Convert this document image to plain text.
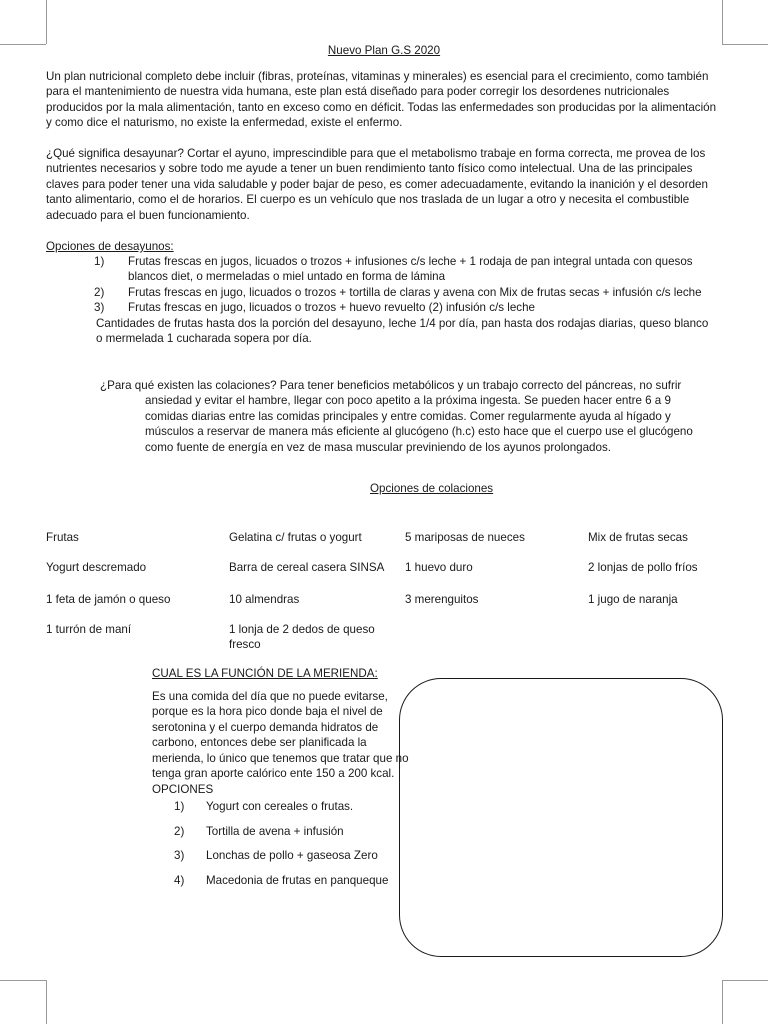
Nuevo Plan G.S 2020

Un plan nutricional completo debe incluir (fibras, proteínas, vitaminas y minerales) es esencial para el crecimiento, como también para el mantenimiento de nuestra vida humana, este plan está diseñado para poder corregir los desordenes nutricionales producidos por la mala alimentación, tanto en exceso como en déficit. Todas las enfermedades son producidas por la alimentación y como dice el naturismo, no existe la enfermedad, existe el enfermo.

¿Qué significa desayunar? Cortar el ayuno, imprescindible para que el metabolismo trabaje en forma correcta, me provea de los nutrientes necesarios y sobre todo me ayude a tener un buen rendimiento tanto físico como intelectual. Una de las principales claves para poder tener una vida saludable y poder bajar de peso, es comer adecuadamente, evitando la inanición y el desorden tanto alimentario, como el de horarios. El cuerpo es un vehículo que nos traslada de un lugar a otro y necesita el combustible adecuado para el buen funcionamiento.

Opciones de desayunos:

1) Frutas frescas en jugos, licuados o trozos + infusiones c/s leche + 1 rodaja de pan integral untada con quesos blancos diet, o mermeladas o miel untado en forma de lámina
2) Frutas frescas en jugo, licuados o trozos + tortilla de claras y avena con Mix de frutas secas + infusión c/s leche
3) Frutas frescas en jugo, licuados o trozos + huevo revuelto (2) infusión c/s leche

Cantidades de frutas hasta dos la porción del desayuno, leche 1/4 por día, pan hasta dos rodajas diarias, queso blanco o mermelada 1 cucharada sopera por día.

¿Para qué existen las colaciones? Para tener beneficios metabólicos y un trabajo correcto del páncreas, no sufrir ansiedad y evitar el hambre, llegar con poco apetito a la próxima ingesta. Se pueden hacer entre 6 a 9 comidas diarias entre las comidas principales y entre comidas. Comer regularmente ayuda al hígado y músculos a reservar de manera más eficiente al glucógeno (h.c) esto hace que el cuerpo use el glucógeno como fuente de energía en vez de masa muscular previniendo de los ayunos prolongados.

Opciones de colaciones

Frutas	Gelatina c/ frutas o yogurt	5 mariposas de nueces	Mix de frutas secas
Yogurt descremado	Barra de cereal casera SINSA	1 huevo duro	2 lonjas de pollo fríos
1 feta de jamón o queso	10 almendras	3 merenguitos	1 jugo de naranja
1 turrón de maní	1 lonja de 2 dedos de queso fresco

CUAL ES LA FUNCIÓN DE LA MERIENDA:

Es una comida del día que no puede evitarse, porque es la hora pico donde baja el nivel de serotonina y el cuerpo demanda hidratos de carbono, entonces debe ser planificada la merienda, lo único que tenemos que tratar que no tenga gran aporte calórico ente 150 a 200 kcal.

OPCIONES

1) Yogurt con cereales o frutas.
2) Tortilla de avena + infusión
3) Lonchas de pollo + gaseosa Zero
4) Macedonia de frutas en panqueque
